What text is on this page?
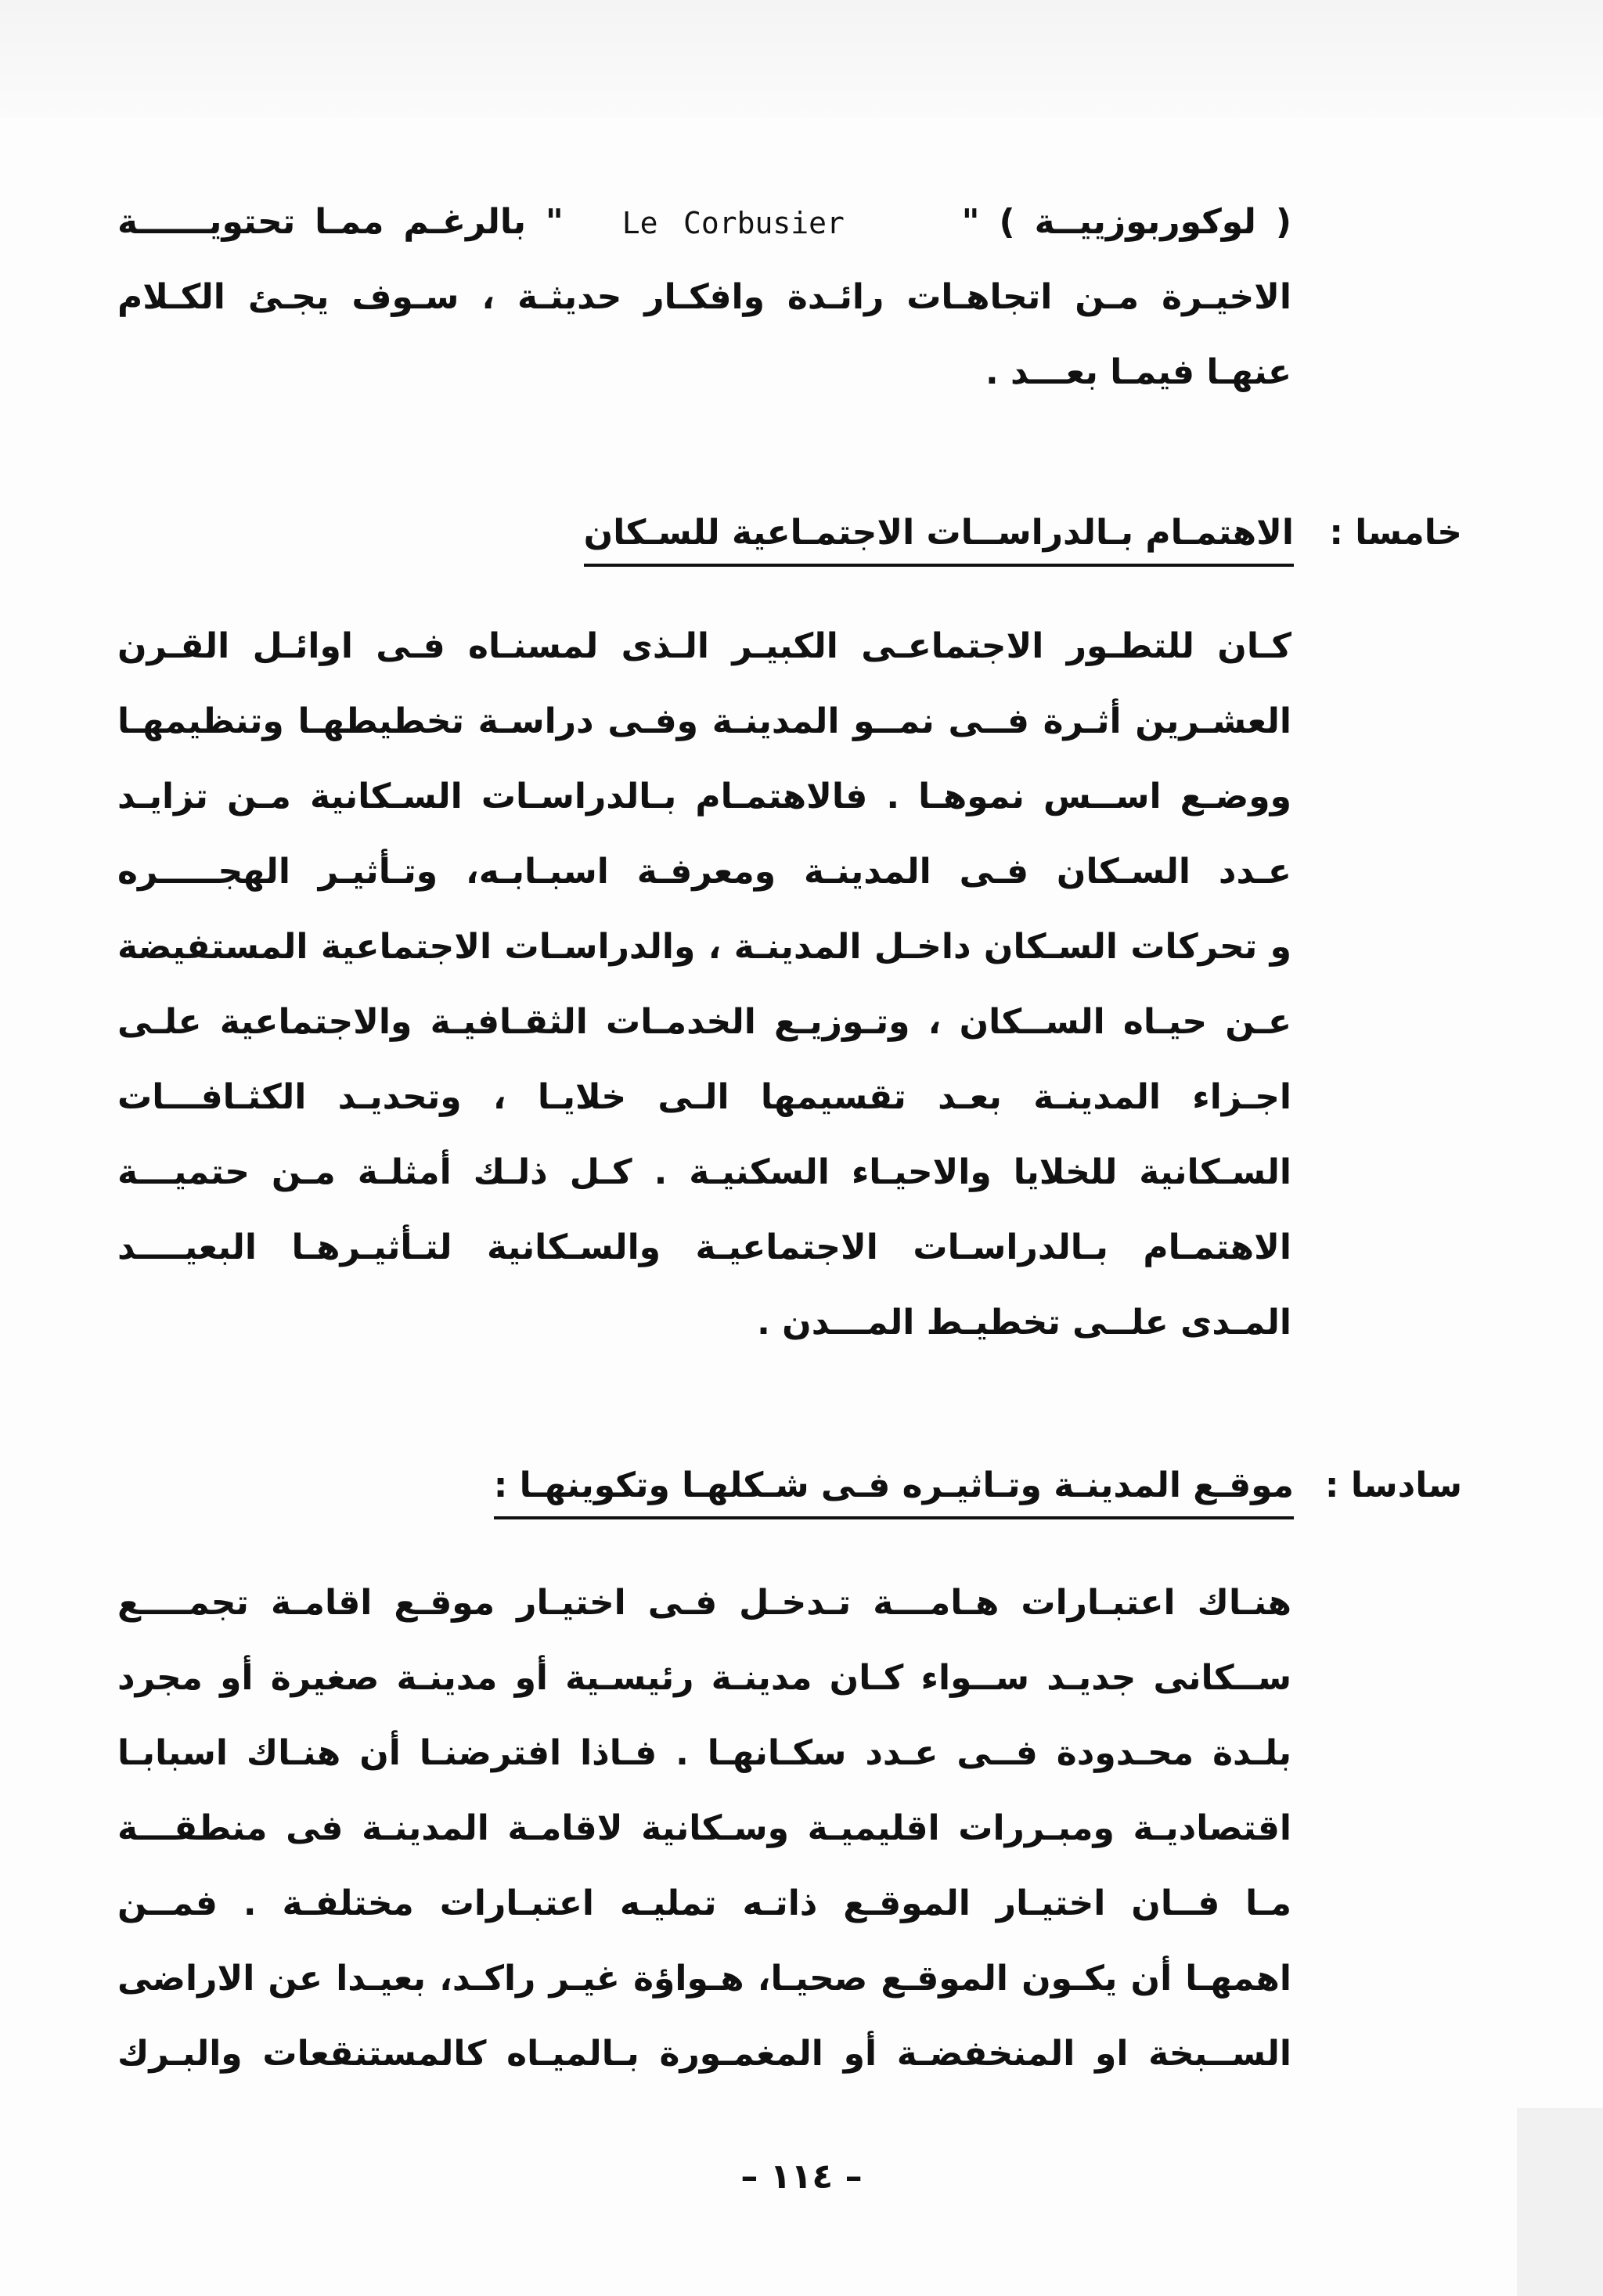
( لوكوربوزييــة ) "      Le Corbusier   " بالرغـم ممـا تحتويــــــة
الاخيـرة مـن اتجاهـات رائـدة وافكـار حديثـة ، سـوف يجـئ الكـلام
عنهـا فيمـا بعـــد .
خامسا :
الاهتمـام بـالدراســات الاجتمـاعية للسـكان
كـان للتطـور الاجتماعـى الكبيـر الـذى لمسنـاه فـى اوائـل القـرن
العشـرين أثـرة فــى نمــو المدينـة وفـى دراسـة تخطيطهـا وتنظيمهـا
ووضـع اســس نموهـا . فالاهتمـام بـالدراسـات السـكانية مـن تزايـد
عـدد السـكان فـى المدينـة ومعرفـة اسبـابـه، وتـأثيـر الهجـــــره
و تحركات السـكان داخـل المدينـة ، والدراسـات الاجتماعية المستفيضة
عـن حيـاه الســكان ، وتـوزيـع الخدمـات الثقـافيـة والاجتماعية علـى
اجـزاء المدينـة بعـد تقسيمها الـى خلايـا ، وتحديـد الكثـافـــات
السـكانية للخلايا والاحيـاء السكنيـة . كـل ذلـك أمثلـة مـن حتميـــة
الاهتمـام بـالدراسـات الاجتماعيـة والسـكانية لتـأثيـرهـا البعيــــد
المـدى علــى تخطيـط المـــدن .
سادسا :
موقـع المدينـة وتـاثيـره فـى شـكلهـا وتكوينهـا :
هنـاك اعتبـارات هـامـــة تـدخـل فـى اختيـار موقـع اقامـة تجمــــع
ســكانى جديـد ســواء كـان مدينـة رئيسـية أو مدينـة صغيرة أو مجرد
بلـدة محـدودة فــى عـدد سكـانهـا . فـاذا افترضنـا أن هنـاك اسبابـا
اقتصاديـة ومبـررات اقليميـة وسـكانية لاقامـة المدينـة فى منطقـــة
مـا فــان اختيـار الموقـع ذاتـه تمليـه اعتبـارات مختلفـة . فمــن
اهمهـا أن يكـون الموقـع صحيـا، هـواؤة غيـر راكـد، بعيـدا عن الاراضى
الســبخة او المنخفضـة أو المغمـورة بـالميـاه كالمستنقعات والبـرك
– ١١٤ –
